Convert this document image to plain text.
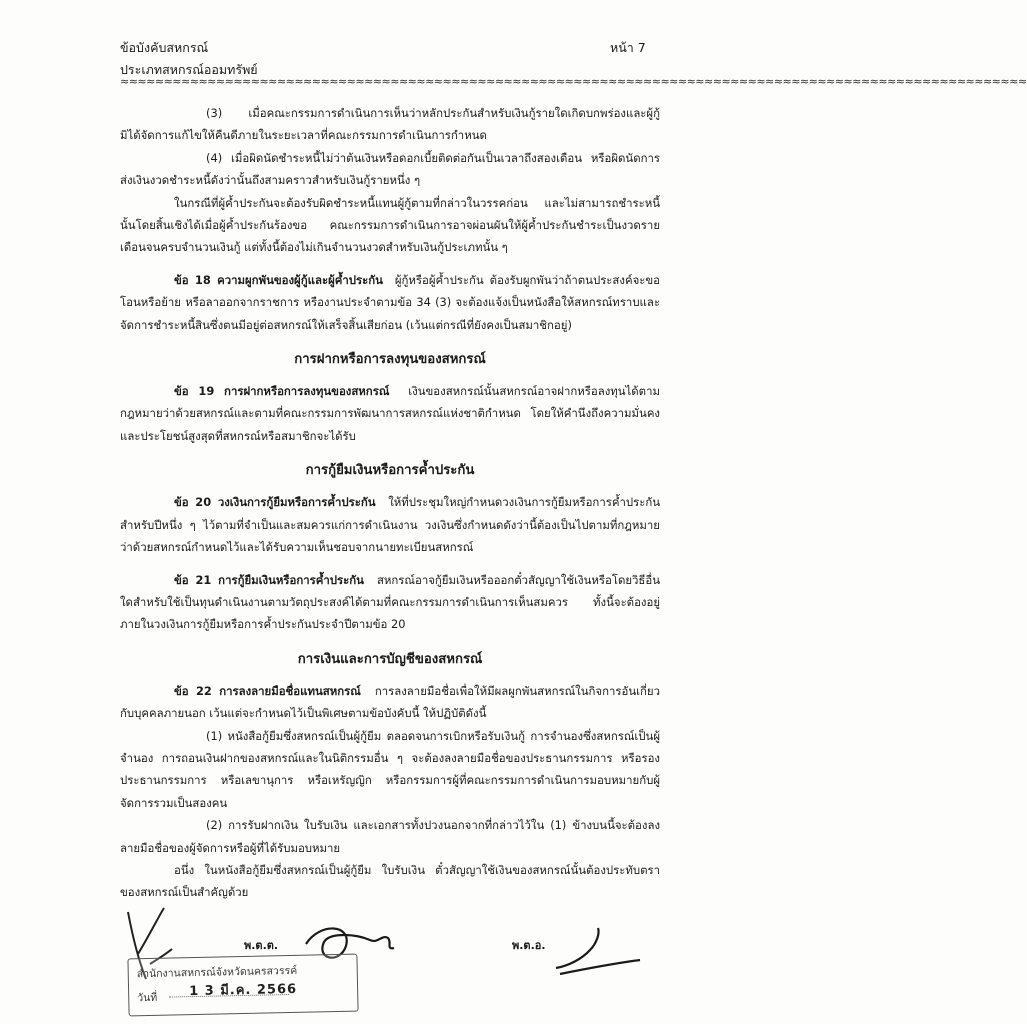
ข้อบังคับสหกรณ์
ประเภทสหกรณ์ออมทรัพย์
หน้า 7
≈≈≈≈≈≈≈≈≈≈≈≈≈≈≈≈≈≈≈≈≈≈≈≈≈≈≈≈≈≈≈≈≈≈≈≈≈≈≈≈≈≈≈≈≈≈≈≈≈≈≈≈≈≈≈≈≈≈≈≈≈≈≈≈≈≈≈≈≈≈≈≈≈≈≈≈≈≈≈≈≈≈≈≈≈≈≈≈≈≈≈≈≈≈≈≈≈≈≈≈≈≈≈≈

(3) เมื่อคณะกรรมการดำเนินการเห็นว่าหลักประกันสำหรับเงินกู้รายใดเกิดบกพร่องและผู้กู้ มิได้จัดการแก้ไขให้คืนดีภายในระยะเวลาที่คณะกรรมการดำเนินการกำหนด

(4) เมื่อผิดนัดชำระหนี้ไม่ว่าต้นเงินหรือดอกเบี้ยติดต่อกันเป็นเวลาถึงสองเดือน หรือผิดนัดการส่งเงินงวดชำระหนี้ดังว่านั้นถึงสามคราวสำหรับเงินกู้รายหนึ่ง ๆ

ในกรณีที่ผู้ค้ำประกันจะต้องรับผิดชำระหนี้แทนผู้กู้ตามที่กล่าวในวรรคก่อน และไม่สามารถชำระหนี้นั้นโดยสิ้นเชิงได้เมื่อผู้ค้ำประกันร้องขอ คณะกรรมการดำเนินการอาจผ่อนผันให้ผู้ค้ำประกันชำระเป็นงวดรายเดือนจนครบจำนวนเงินกู้ แต่ทั้งนี้ต้องไม่เกินจำนวนงวดสำหรับเงินกู้ประเภทนั้น ๆ

ข้อ 18 ความผูกพันของผู้กู้และผู้ค้ำประกัน ผู้กู้หรือผู้ค้ำประกัน ต้องรับผูกพันว่าถ้าตนประสงค์จะขอโอนหรือย้าย หรือลาออกจากราชการ หรืองานประจำตามข้อ 34 (3) จะต้องแจ้งเป็นหนังสือให้สหกรณ์ทราบและจัดการชำระหนี้สินซึ่งตนมีอยู่ต่อสหกรณ์ให้เสร็จสิ้นเสียก่อน (เว้นแต่กรณีที่ยังคงเป็นสมาชิกอยู่)

การฝากหรือการลงทุนของสหกรณ์

ข้อ 19 การฝากหรือการลงทุนของสหกรณ์ เงินของสหกรณ์นั้นสหกรณ์อาจฝากหรือลงทุนได้ตามกฎหมายว่าด้วยสหกรณ์และตามที่คณะกรรมการพัฒนาการสหกรณ์แห่งชาติกำหนด โดยให้คำนึงถึงความมั่นคงและประโยชน์สูงสุดที่สหกรณ์หรือสมาชิกจะได้รับ

การกู้ยืมเงินหรือการค้ำประกัน

ข้อ 20 วงเงินการกู้ยืมหรือการค้ำประกัน ให้ที่ประชุมใหญ่กำหนดวงเงินการกู้ยืมหรือการค้ำประกันสำหรับปีหนึ่ง ๆ ไว้ตามที่จำเป็นและสมควรแก่การดำเนินงาน วงเงินซึ่งกำหนดดังว่านี้ต้องเป็นไปตามที่กฎหมายว่าด้วยสหกรณ์กำหนดไว้และได้รับความเห็นชอบจากนายทะเบียนสหกรณ์

ข้อ 21 การกู้ยืมเงินหรือการค้ำประกัน สหกรณ์อาจกู้ยืมเงินหรือออกตั๋วสัญญาใช้เงินหรือโดยวิธีอื่นใดสำหรับใช้เป็นทุนดำเนินงานตามวัตถุประสงค์ได้ตามที่คณะกรรมการดำเนินการเห็นสมควร ทั้งนี้จะต้องอยู่ภายในวงเงินการกู้ยืมหรือการค้ำประกันประจำปีตามข้อ 20

การเงินและการบัญชีของสหกรณ์

ข้อ 22 การลงลายมือชื่อแทนสหกรณ์ การลงลายมือชื่อเพื่อให้มีผลผูกพันสหกรณ์ในกิจการอันเกี่ยวกับบุคคลภายนอก เว้นแต่จะกำหนดไว้เป็นพิเศษตามข้อบังคับนี้ ให้ปฏิบัติดังนี้

(1) หนังสือกู้ยืมซึ่งสหกรณ์เป็นผู้กู้ยืม ตลอดจนการเบิกหรือรับเงินกู้ การจำนองซึ่งสหกรณ์เป็นผู้จำนอง การถอนเงินฝากของสหกรณ์และในนิติกรรมอื่น ๆ จะต้องลงลายมือชื่อของประธานกรรมการ หรือรองประธานกรรมการ หรือเลขานุการ หรือเหรัญญิก หรือกรรมการผู้ที่คณะกรรมการดำเนินการมอบหมายกับผู้จัดการรวมเป็นสองคน

(2) การรับฝากเงิน ใบรับเงิน และเอกสารทั้งปวงนอกจากที่กล่าวไว้ใน (1) ข้างบนนี้จะต้องลงลายมือชื่อของผู้จัดการหรือผู้ที่ได้รับมอบหมาย

อนึ่ง ในหนังสือกู้ยืมซึ่งสหกรณ์เป็นผู้กู้ยืม ใบรับเงิน ตั๋วสัญญาใช้เงินของสหกรณ์นั้นต้องประทับตราของสหกรณ์เป็นสำคัญด้วย

พ.ต.ต.	พ.ต.อ.
สำนักงานสหกรณ์จังหวัดนครสวรรค์
วันที่ 1 3 มี.ค. 2566
